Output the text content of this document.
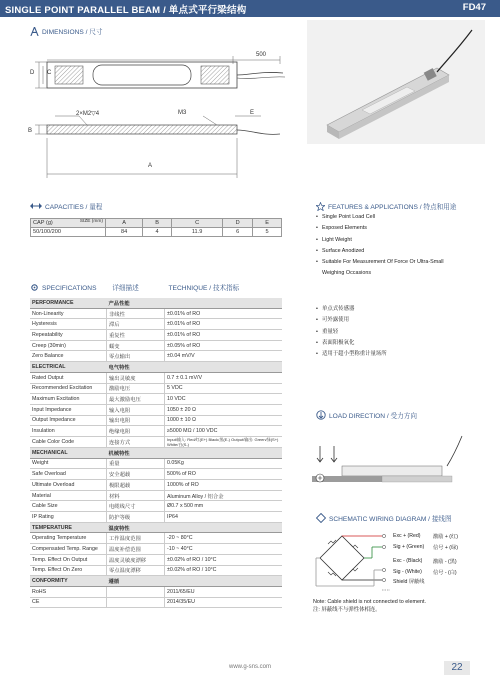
SINGLE POINT PARALLEL BEAM / 单点式平行梁结构	FD47
DIMENSIONS / 尺寸
500
D C
2×M2▽4	M3	E
B
A
CAPACITIES / 量程
CAP (g) SIZE (mm)	A	B	C	D	E
50/100/200	84	4	11.9	6	5
SPECIFICATIONS 详细描述	TECHNIQUE / 技术指标
PERFORMANCE	产品性能	
Non-Linearity	非线性	±0.01% of RO
Hysteresis	滞后	±0.01% of RO
Repeatability	重复性	±0.01% of RO
Creep (30min)	蠕变	±0.05% of RO
Zero Balance	零点输出	±0.04 mV/V
ELECTRICAL	电气特性	
Rated Output	输出灵敏度	0.7 ± 0.1 mV/V
Recommended Excitation	激励电压	5 VDC
Maximum Excitation	最大激励电压	10 VDC
Input Impedance	输入电阻	1050 ± 20 Ω
Output Impedance	输出电阻	1000 ± 10 Ω
Insulation	绝缘电阻	≥5000 MΩ / 100 VDC
Cable Color Code	连接方式	Input/输入: Red/红(E+) Black/黑(E-) Output/输出: Green/绿(S+) White/白(S-)
MECHANICAL	机械特性	
Weight	重量	0.05Kg
Safe Overload	安全超载	500% of RO
Ultimate Overload	极限超载	1000% of RO
Material	材料	Aluminum Alloy / 铝合金
Cable Size	电缆线尺寸	Ø0.7 x 500 mm
IP Rating	防护等级	IP64
TEMPERATURE	温度特性	
Operating Temperature	工作温度范围	-20 ~ 80°C
Compensated Temp. Range	温度补偿范围	-10 ~ 40°C
Temp. Effect On Output	温度灵敏度漂移	±0.02% of RO / 10°C
Temp. Effect On Zero	零点温度漂移	±0.02% of RO / 10°C
CONFORMITY	遵循	
RoHS		2011/65/EU
CE		2014/35/EU
FEATURES & APPLICATIONS / 特点和用途
• Single Point Load Cell
• Exposed Elements
• Light Weight
• Surface Anodized
• Suitable For Measurement Of Force Or Ultra-Small
Weighing Occasions
• 单点式传感器
• 可外露使用
• 重量轻
• 表面阳极氧化
• 适用于超小型称重计量场所
LOAD DIRECTION / 受力方向
SCHEMATIC WIRING DIAGRAM / 接线图
Exc + (Red) 激励 + (红)
Sig + (Green) 信号 + (绿)
Exc - (Black) 激励 - (黑)
Sig - (White) 信号 - (白)
Shield 屏蔽线
Note: Cable shield is not connected to element.
注: 屏蔽线不与弹性体相连。
www.g-sns.com	22
